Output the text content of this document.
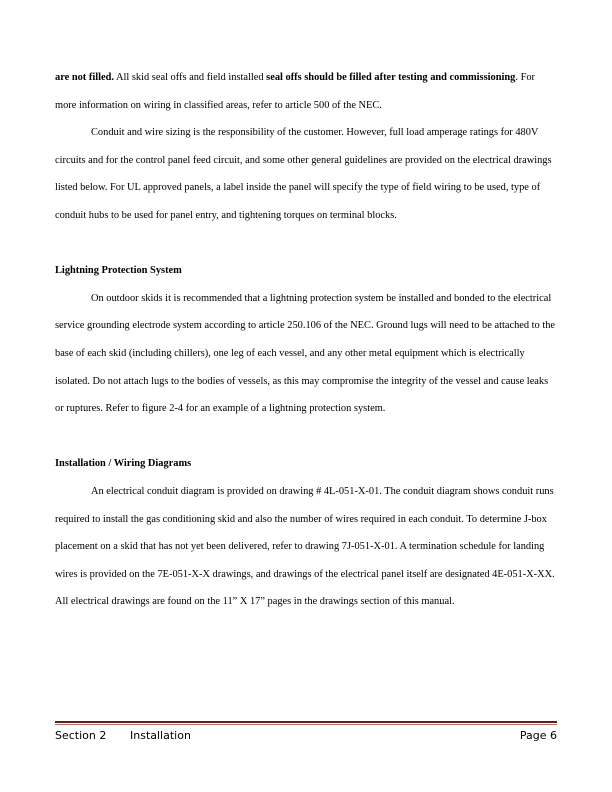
are not filled. All skid seal offs and field installed seal offs should be filled after testing and commissioning. For more information on wiring in classified areas, refer to article 500 of the NEC.

Conduit and wire sizing is the responsibility of the customer. However, full load amperage ratings for 480V circuits and for the control panel feed circuit, and some other general guidelines are provided on the electrical drawings listed below. For UL approved panels, a label inside the panel will specify the type of field wiring to be used, type of conduit hubs to be used for panel entry, and tightening torques on terminal blocks.

Lightning Protection System

On outdoor skids it is recommended that a lightning protection system be installed and bonded to the electrical service grounding electrode system according to article 250.106 of the NEC. Ground lugs will need to be attached to the base of each skid (including chillers), one leg of each vessel, and any other metal equipment which is electrically isolated. Do not attach lugs to the bodies of vessels, as this may compromise the integrity of the vessel and cause leaks or ruptures. Refer to figure 2-4 for an example of a lightning protection system.

Installation / Wiring Diagrams

An electrical conduit diagram is provided on drawing # 4L-051-X-01. The conduit diagram shows conduit runs required to install the gas conditioning skid and also the number of wires required in each conduit. To determine J-box placement on a skid that has not yet been delivered, refer to drawing 7J-051-X-01. A termination schedule for landing wires is provided on the 7E-051-X-X drawings, and drawings of the electrical panel itself are designated 4E-051-X-XX. All electrical drawings are found on the 11” X 17” pages in the drawings section of this manual.

Section 2 Installation	Page 6
